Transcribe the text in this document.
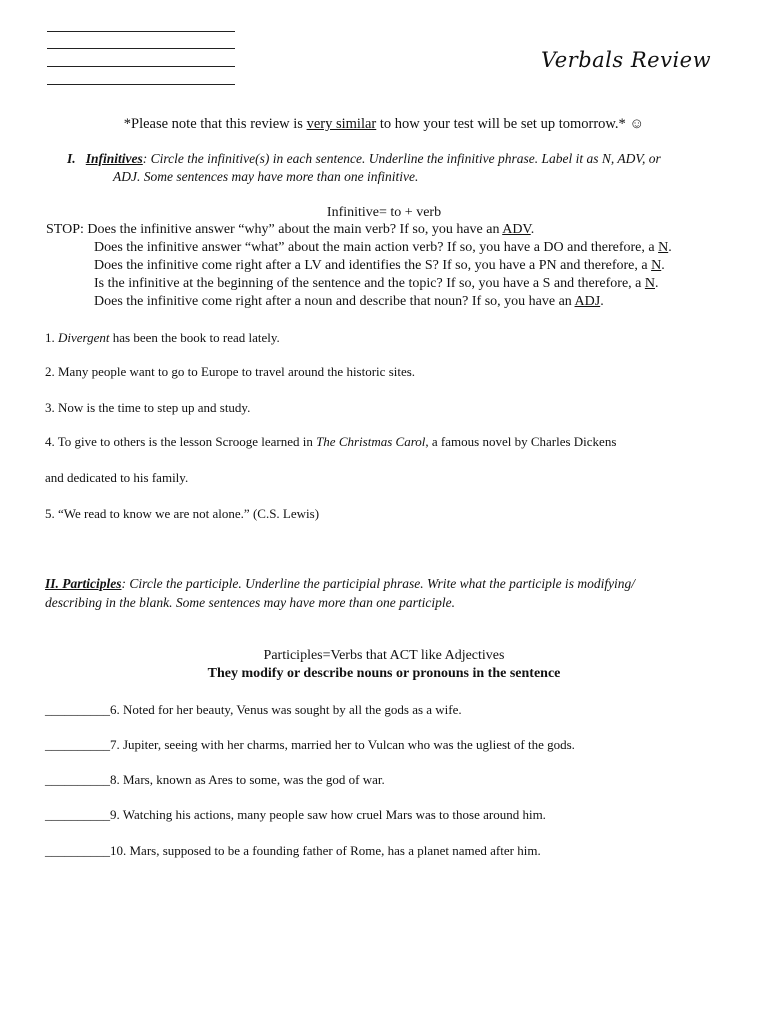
Verbals Review
*Please note that this review is very similar to how your test will be set up tomorrow.* ☺
I. Infinitives: Circle the infinitive(s) in each sentence. Underline the infinitive phrase. Label it as N, ADV, or
ADJ. Some sentences may have more than one infinitive.
Infinitive= to + verb
STOP: Does the infinitive answer “why” about the main verb? If so, you have an ADV.
Does the infinitive answer “what” about the main action verb? If so, you have a DO and therefore, a N.
Does the infinitive come right after a LV and identifies the S? If so, you have a PN and therefore, a N.
Is the infinitive at the beginning of the sentence and the topic? If so, you have a S and therefore, a N.
Does the infinitive come right after a noun and describe that noun? If so, you have an ADJ.
1. Divergent has been the book to read lately.
2. Many people want to go to Europe to travel around the historic sites.
3. Now is the time to step up and study.
4. To give to others is the lesson Scrooge learned in The Christmas Carol, a famous novel by Charles Dickens
and dedicated to his family.
5. “We read to know we are not alone.” (C.S. Lewis)
II. Participles: Circle the participle. Underline the participial phrase. Write what the participle is modifying/
describing in the blank. Some sentences may have more than one participle.
Participles=Verbs that ACT like Adjectives
They modify or describe nouns or pronouns in the sentence
__________6. Noted for her beauty, Venus was sought by all the gods as a wife.
__________7. Jupiter, seeing with her charms, married her to Vulcan who was the ugliest of the gods.
__________8. Mars, known as Ares to some, was the god of war.
__________9. Watching his actions, many people saw how cruel Mars was to those around him.
__________10. Mars, supposed to be a founding father of Rome, has a planet named after him.
